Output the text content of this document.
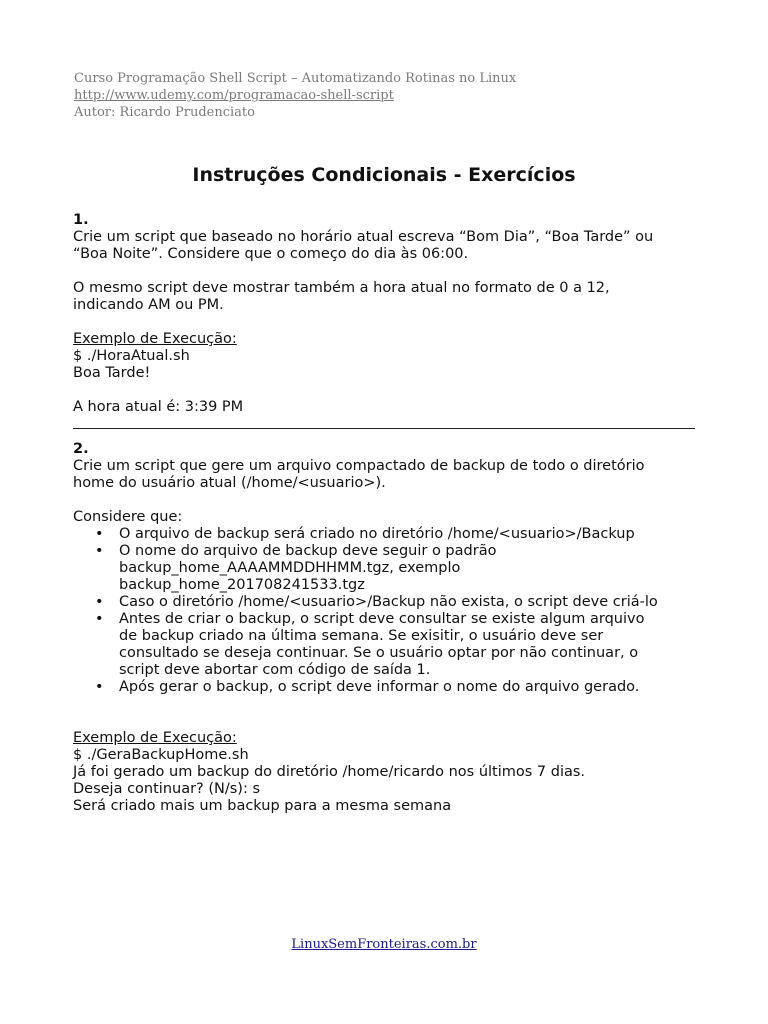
Curso Programação Shell Script – Automatizando Rotinas no Linux
http://www.udemy.com/programacao-shell-script
Autor: Ricardo Prudenciato
Instruções Condicionais - Exercícios

1.

Crie um script que baseado no horário atual escreva “Bom Dia”, “Boa Tarde” ou

“Boa Noite”. Considere que o começo do dia às 06:00.

O mesmo script deve mostrar também a hora atual no formato de 0 a 12,

indicando AM ou PM.

Exemplo de Execução:

$ ./HoraAtual.sh

Boa Tarde!

A hora atual é: 3:39 PM

2.

Crie um script que gere um arquivo compactado de backup de todo o diretório

home do usuário atual (/home/<usuario>).

Considere que:

• O arquivo de backup será criado no diretório /home/<usuario>/Backup
• O nome do arquivo de backup deve seguir o padrão
backup_home_AAAAMMDDHHMM.tgz, exemplo
backup_home_201708241533.tgz
• Caso o diretório /home/<usuario>/Backup não exista, o script deve criá-lo
• Antes de criar o backup, o script deve consultar se existe algum arquivo
de backup criado na última semana. Se exisitir, o usuário deve ser
consultado se deseja continuar. Se o usuário optar por não continuar, o
script deve abortar com código de saída 1.
• Após gerar o backup, o script deve informar o nome do arquivo gerado.

Exemplo de Execução:

$ ./GeraBackupHome.sh

Já foi gerado um backup do diretório /home/ricardo nos últimos 7 dias.

Deseja continuar? (N/s): s

Será criado mais um backup para a mesma semana

LinuxSemFronteiras.com.br
